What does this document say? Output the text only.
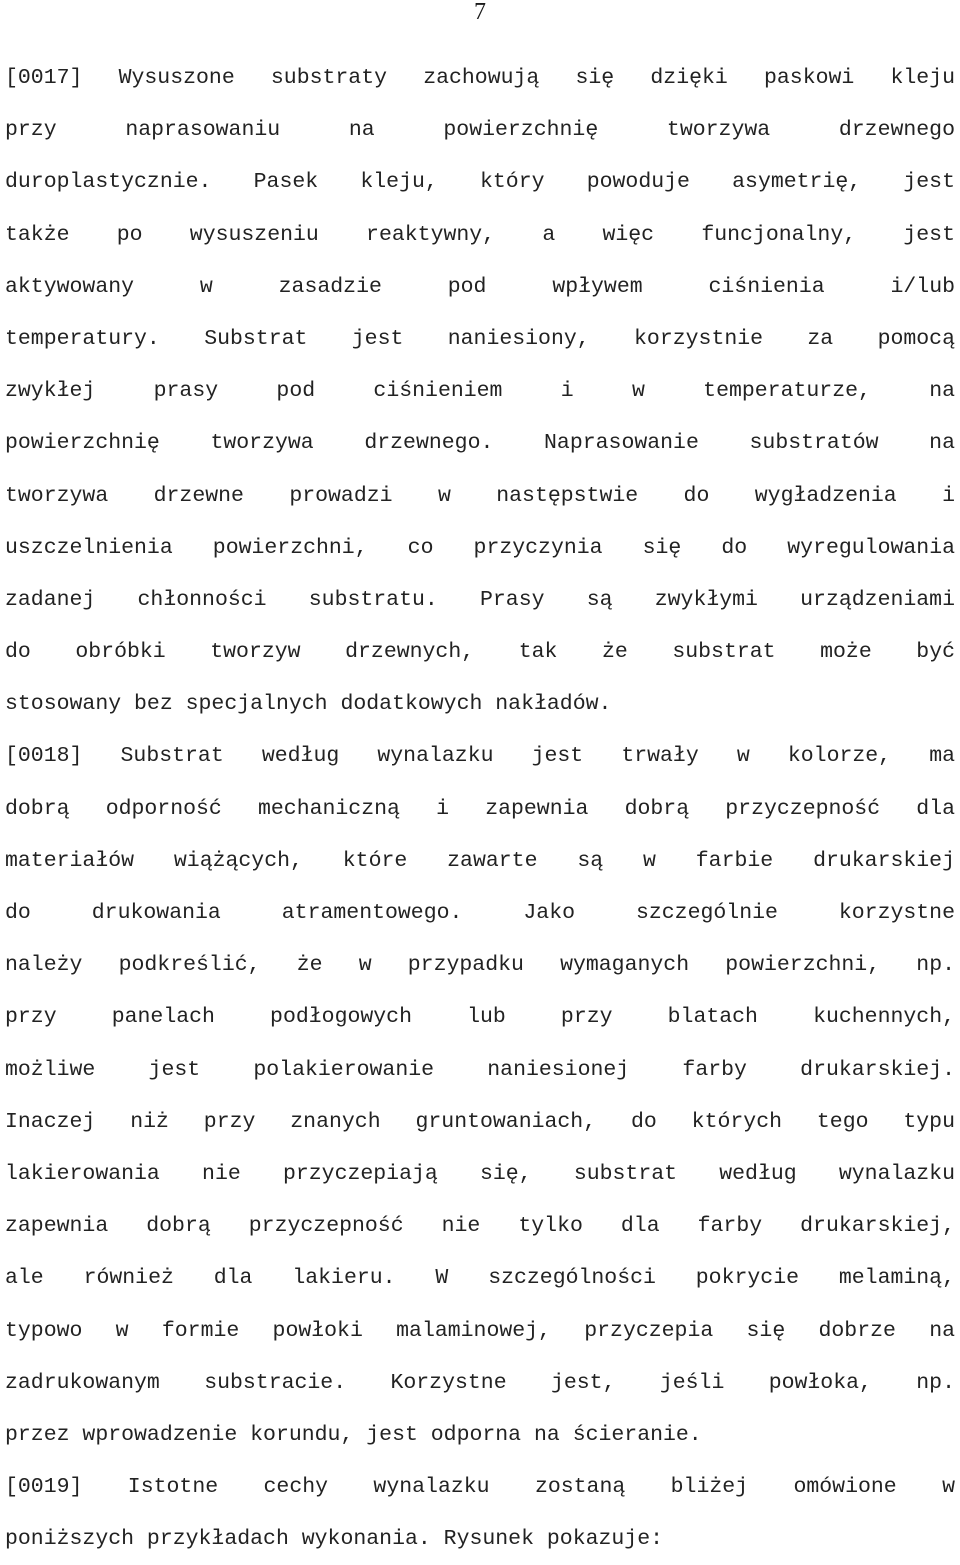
7

[0017] Wysuszone substraty zachowują się dzięki paskowi kleju
przy naprasowaniu na powierzchnię tworzywa drzewnego
duroplastycznie. Pasek kleju, który powoduje asymetrię, jest
także po wysuszeniu reaktywny, a więc funcjonalny, jest
aktywowany w zasadzie pod wpływem ciśnienia i/lub
temperatury. Substrat jest naniesiony, korzystnie za pomocą
zwykłej prasy pod ciśnieniem i w temperaturze, na
powierzchnię tworzywa drzewnego. Naprasowanie substratów na
tworzywa drzewne prowadzi w następstwie do wygładzenia i
uszczelnienia powierzchni, co przyczynia się do wyregulowania
zadanej chłonności substratu. Prasy są zwykłymi urządzeniami
do obróbki tworzyw drzewnych, tak że substrat może być
stosowany bez specjalnych dodatkowych nakładów.

[0018] Substrat według wynalazku jest trwały w kolorze, ma
dobrą odporność mechaniczną i zapewnia dobrą przyczepność dla
materiałów wiążących, które zawarte są w farbie drukarskiej
do drukowania atramentowego. Jako szczególnie korzystne
należy podkreślić, że w przypadku wymaganych powierzchni, np.
przy panelach podłogowych lub przy blatach kuchennych,
możliwe jest polakierowanie naniesionej farby drukarskiej.
Inaczej niż przy znanych gruntowaniach, do których tego typu
lakierowania nie przyczepiają się, substrat według wynalazku
zapewnia dobrą przyczepność nie tylko dla farby drukarskiej,
ale również dla lakieru. W szczególności pokrycie melaminą,
typowo w formie powłoki malaminowej, przyczepia się dobrze na
zadrukowanym substracie. Korzystne jest, jeśli powłoka, np.
przez wprowadzenie korundu, jest odporna na ścieranie.

[0019] Istotne cechy wynalazku zostaną bliżej omówione w
poniższych przykładach wykonania. Rysunek pokazuje:
